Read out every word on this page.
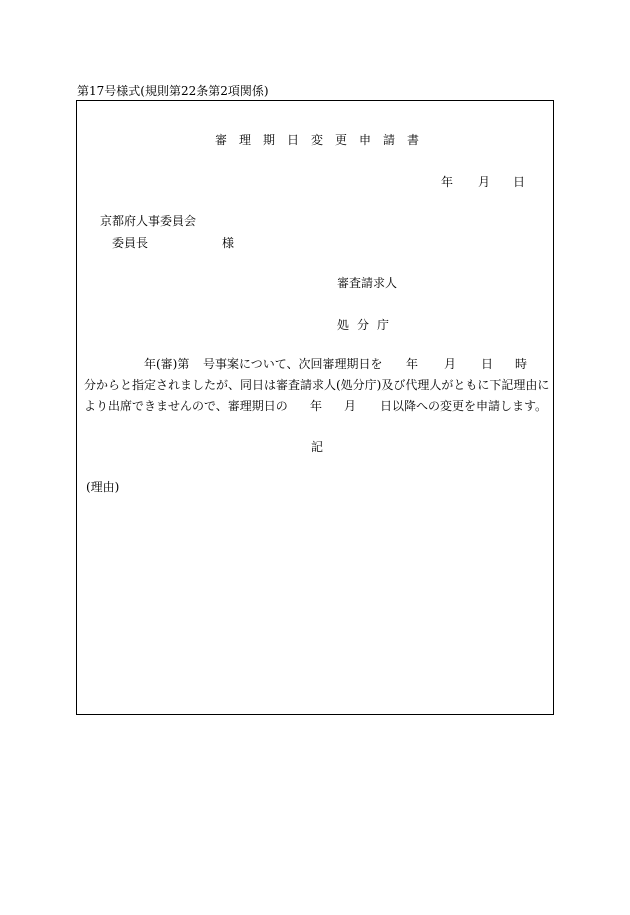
第17号様式(規則第22条第2項関係)
審理期日変更申請書
年 月 日
京都府人事委員会
委員長	様
審査請求人
処分庁
年(審)第 号事案について、次回審理期日を 年 月 日 時
分からと指定されましたが、同日は審査請求人(処分庁)及び代理人がともに下記理由に
より出席できませんので、審理期日の 年 月 日以降への変更を申請します。
記
(理由)
